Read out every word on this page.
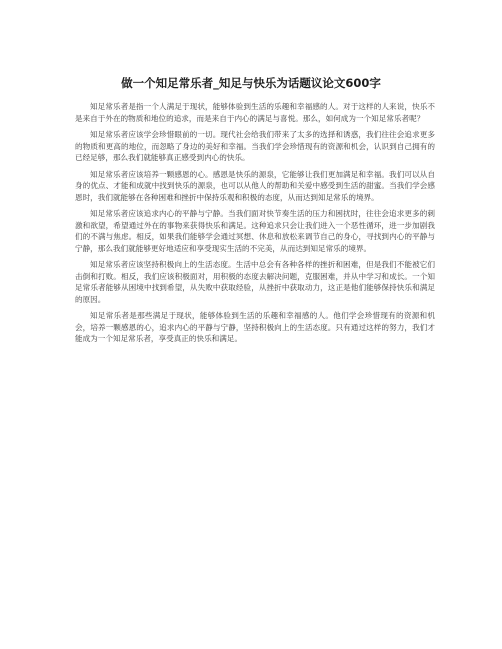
做一个知足常乐者_知足与快乐为话题议论文600字

知足常乐者是指一个人满足于现状，能够体验到生活的乐趣和幸福感的人。对于这样的人来说，快乐不是来自于外在的物质和地位的追求，而是来自于内心的满足与喜悦。那么，如何成为一个知足常乐者呢？

知足常乐者应该学会珍惜眼前的一切。现代社会给我们带来了太多的选择和诱惑，我们往往会追求更多的物质和更高的地位，而忽略了身边的美好和幸福。当我们学会珍惜现有的资源和机会，认识到自己拥有的已经足够，那么我们就能够真正感受到内心的快乐。

知足常乐者应该培养一颗感恩的心。感恩是快乐的源泉，它能够让我们更加满足和幸福。我们可以从自身的优点、才能和成就中找到快乐的源泉，也可以从他人的帮助和关爱中感受到生活的甜蜜。当我们学会感恩时，我们就能够在各种困难和挫折中保持乐观和积极的态度，从而达到知足常乐的境界。

知足常乐者应该追求内心的平静与宁静。当我们面对快节奏生活的压力和困扰时，往往会追求更多的刺激和欲望，希望通过外在的事物来获得快乐和满足。这种追求只会让我们进入一个恶性循环，进一步加剧我们的不满与焦虑。相反，如果我们能够学会通过冥想、休息和放松来调节自己的身心，寻找到内心的平静与宁静，那么我们就能够更好地适应和享受现实生活的不完美，从而达到知足常乐的境界。

知足常乐者应该坚持积极向上的生活态度。生活中总会有各种各样的挫折和困难，但是我们不能被它们击倒和打败。相反，我们应该积极面对，用积极的态度去解决问题，克服困难，并从中学习和成长。一个知足常乐者能够从困境中找到希望，从失败中获取经验，从挫折中获取动力，这正是他们能够保持快乐和满足的原因。

知足常乐者是那些满足于现状，能够体验到生活的乐趣和幸福感的人。他们学会珍惜现有的资源和机会，培养一颗感恩的心，追求内心的平静与宁静，坚持积极向上的生活态度。只有通过这样的努力，我们才能成为一个知足常乐者，享受真正的快乐和满足。
